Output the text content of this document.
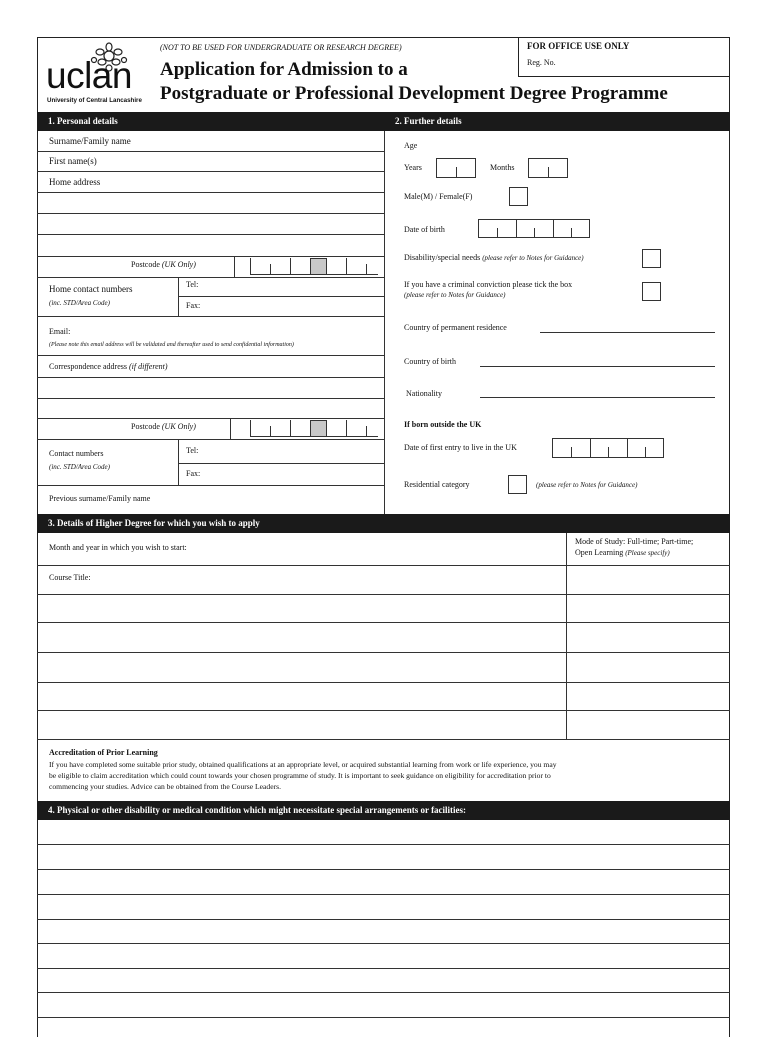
uclan
University of Central Lancashire
(NOT TO BE USED FOR UNDERGRADUATE OR RESEARCH DEGREE)
Application for Admission to a
Postgraduate or Professional Development Degree Programme
FOR OFFICE USE ONLY
Reg. No.
1. Personal details	2. Further details
Surname/Family name
First name(s)
Home address
Postcode (UK Only)
Home contact numbers
(inc. STD/Area Code)
Tel:
Fax:
Email:
(Please note this email address will be validated and thereafter used to send confidential information)
Correspondence address (if different)
Postcode (UK Only)
Contact numbers
(inc. STD/Area Code)
Tel:
Fax:
Previous surname/Family name
Age
Years	Months
Male(M) / Female(F)
Date of birth
Disability/special needs (please refer to Notes for Guidance)
If you have a criminal conviction please tick the box
(please refer to Notes for Guidance)
Country of permanent residence
Country of birth
Nationality
If born outside the UK
Date of first entry to live in the UK
Residential category	(please refer to Notes for Guidance)
3. Details of Higher Degree for which you wish to apply
Month and year in which you wish to start:
Mode of Study: Full-time; Part-time;
Open Learning (Please specify)
Course Title:
Accreditation of Prior Learning
If you have completed some suitable prior study, obtained qualifications at an appropriate level, or acquired substantial learning from work or life experience, you may
be eligible to claim accreditation which could count towards your chosen programme of study. It is important to seek guidance on eligibility for accreditation prior to
commencing your studies. Advice can be obtained from the Course Leaders.
4. Physical or other disability or medical condition which might necessitate special arrangements or facilities:
